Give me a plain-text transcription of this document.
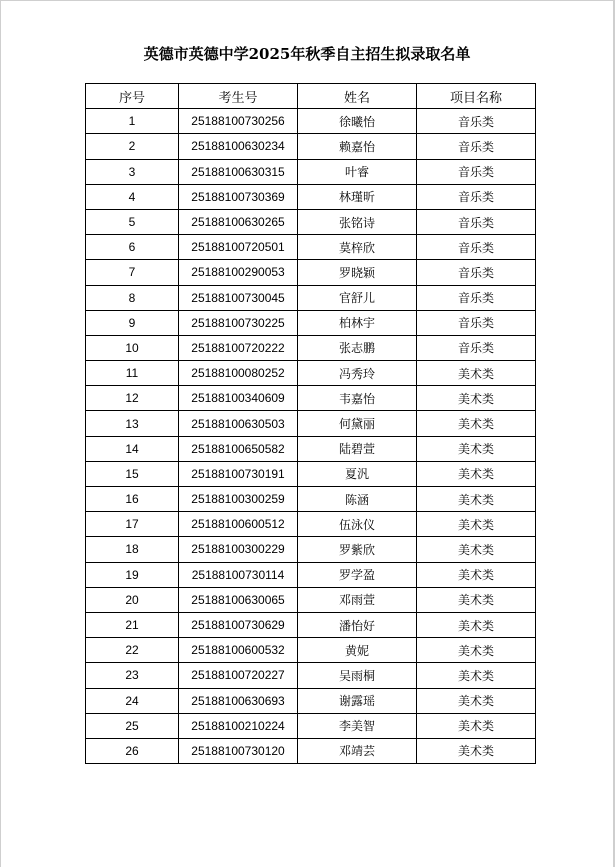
英德市英德中学2025年秋季自主招生拟录取名单
序号	考生号	姓名	项目名称
1	25188100730256	徐曦怡	音乐类
2	25188100630234	赖嘉怡	音乐类
3	25188100630315	叶睿	音乐类
4	25188100730369	林瑾昕	音乐类
5	25188100630265	张铭诗	音乐类
6	25188100720501	莫梓欣	音乐类
7	25188100290053	罗晓颖	音乐类
8	25188100730045	官舒儿	音乐类
9	25188100730225	柏林宇	音乐类
10	25188100720222	张志鹏	音乐类
11	25188100080252	冯秀玲	美术类
12	25188100340609	韦嘉怡	美术类
13	25188100630503	何黛丽	美术类
14	25188100650582	陆碧萱	美术类
15	25188100730191	夏汎	美术类
16	25188100300259	陈涵	美术类
17	25188100600512	伍泳仪	美术类
18	25188100300229	罗紫欣	美术类
19	25188100730114	罗学盈	美术类
20	25188100630065	邓雨萱	美术类
21	25188100730629	潘怡好	美术类
22	25188100600532	黄妮	美术类
23	25188100720227	吴雨桐	美术类
24	25188100630693	谢露瑶	美术类
25	25188100210224	李美智	美术类
26	25188100730120	邓靖芸	美术类
